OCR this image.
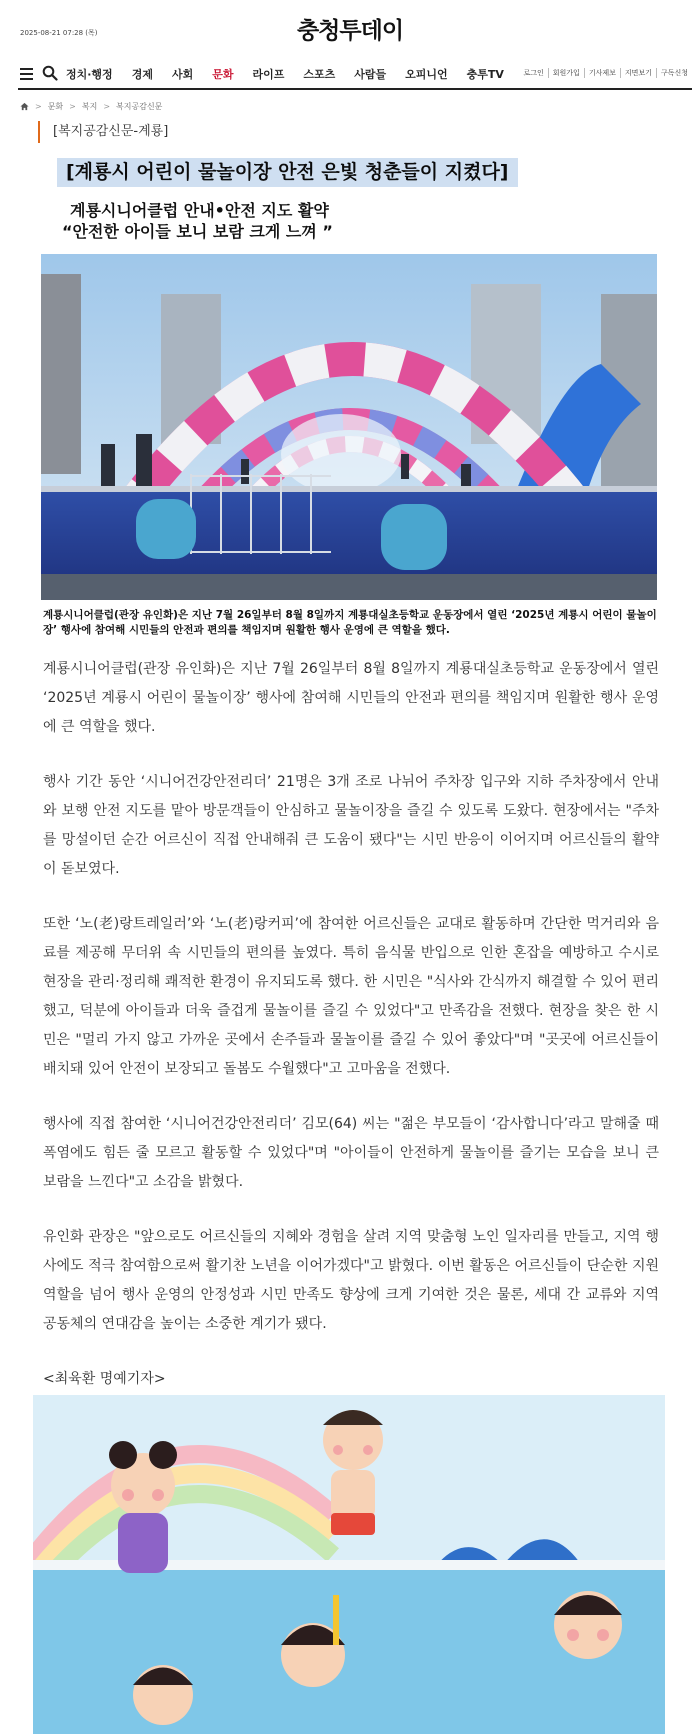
2025-08-21 07:28 (목)	충청투데이
정치·행정 경제 사회 문화 라이프 스포츠 사람들 오피니언 충투TV	로그인	회원가입	기사제보	지면보기	구독신청
> 문화 > 복지 > 복지공감신문
[복지공감신문-계룡]
[계룡시 어린이 물놀이장 안전 은빛 청춘들이 지켰다]
계룡시니어클럽 안내•안전 지도 활약
“안전한 아이들 보니 보람 크게 느껴 ”
계룡시니어클럽(관장 유인화)은 지난 7월 26일부터 8월 8일까지 계룡대실초등학교 운동장에서 열린 ‘2025년 계룡시 어린이 물놀이장’ 행사에 참여해 시민들의 안전과 편의를 책임지며 원활한 행사 운영에 큰 역할을 했다.

계룡시니어클럽(관장 유인화)은 지난 7월 26일부터 8월 8일까지 계룡대실초등학교 운동장에서 열린 ‘2025년 계룡시 어린이 물놀이장’ 행사에 참여해 시민들의 안전과 편의를 책임지며 원활한 행사 운영에 큰 역할을 했다.

행사 기간 동안 ‘시니어건강안전리더’ 21명은 3개 조로 나뉘어 주차장 입구와 지하 주차장에서 안내와 보행 안전 지도를 맡아 방문객들이 안심하고 물놀이장을 즐길 수 있도록 도왔다. 현장에서는 "주차를 망설이던 순간 어르신이 직접 안내해줘 큰 도움이 됐다"는 시민 반응이 이어지며 어르신들의 활약이 돋보였다.

또한 ‘노(老)랑트레일러’와 ‘노(老)랑커피’에 참여한 어르신들은 교대로 활동하며 간단한 먹거리와 음료를 제공해 무더위 속 시민들의 편의를 높였다. 특히 음식물 반입으로 인한 혼잡을 예방하고 수시로 현장을 관리·정리해 쾌적한 환경이 유지되도록 했다. 한 시민은 "식사와 간식까지 해결할 수 있어 편리했고, 덕분에 아이들과 더욱 즐겁게 물놀이를 즐길 수 있었다"고 만족감을 전했다. 현장을 찾은 한 시민은 "멀리 가지 않고 가까운 곳에서 손주들과 물놀이를 즐길 수 있어 좋았다"며 "곳곳에 어르신들이 배치돼 있어 안전이 보장되고 돌봄도 수월했다"고 고마움을 전했다.

행사에 직접 참여한 ‘시니어건강안전리더’ 김모(64) 씨는 "젊은 부모들이 ‘감사합니다’라고 말해줄 때 폭염에도 힘든 줄 모르고 활동할 수 있었다"며 "아이들이 안전하게 물놀이를 즐기는 모습을 보니 큰 보람을 느낀다"고 소감을 밝혔다.

유인화 관장은 "앞으로도 어르신들의 지혜와 경험을 살려 지역 맞춤형 노인 일자리를 만들고, 지역 행사에도 적극 참여함으로써 활기찬 노년을 이어가겠다"고 밝혔다. 이번 활동은 어르신들이 단순한 지원 역할을 넘어 행사 운영의 안정성과 시민 만족도 향상에 크게 기여한 것은 물론, 세대 간 교류와 지역 공동체의 연대감을 높이는 소중한 계기가 됐다.

<최육환 명예기자>
